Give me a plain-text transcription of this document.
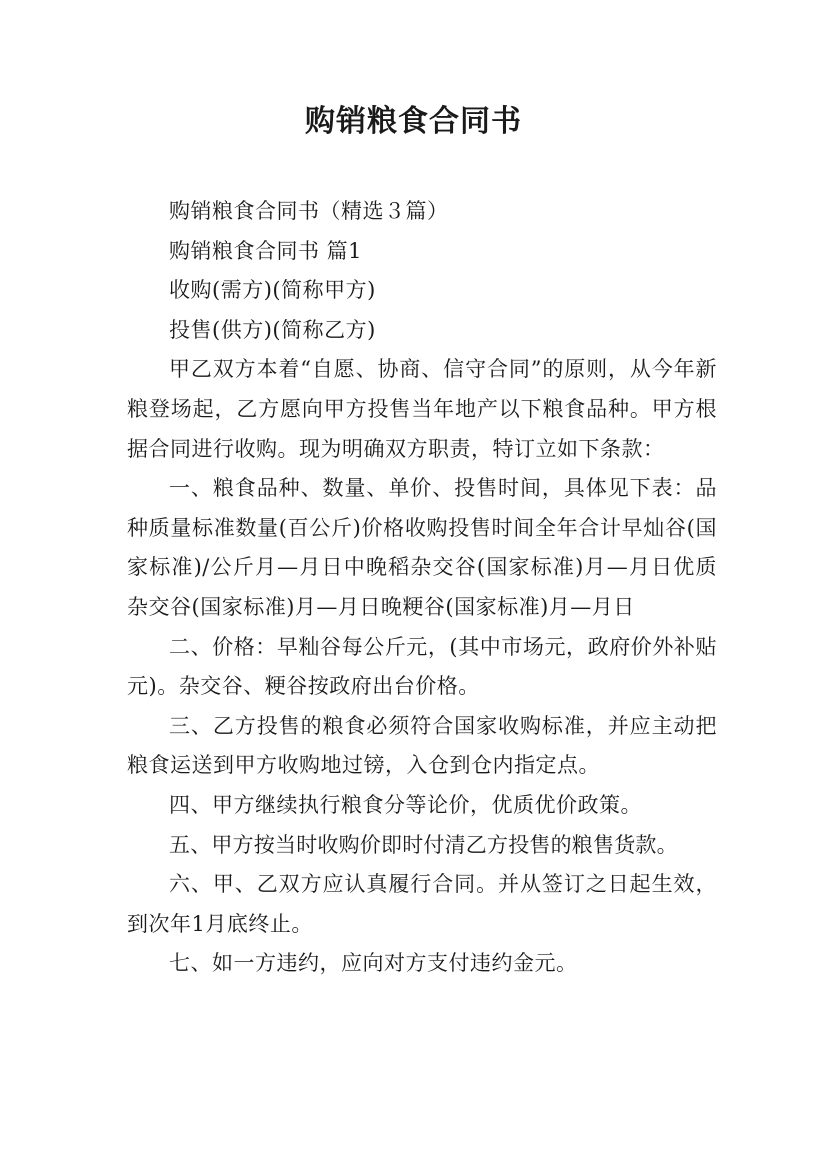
购销粮食合同书

购销粮食合同书（精选３篇）

购销粮食合同书 篇1

收购(需方)(简称甲方)

投售(供方)(简称乙方)

甲乙双方本着“自愿、协商、信守合同”的原则，从今年新粮登场起，乙方愿向甲方投售当年地产以下粮食品种。甲方根据合同进行收购。现为明确双方职责，特订立如下条款：

一、粮食品种、数量、单价、投售时间，具体见下表：品种质量标准数量(百公斤)价格收购投售时间全年合计早灿谷(国家标准)/公斤月—月日中晚稻杂交谷(国家标准)月—月日优质杂交谷(国家标准)月—月日晚粳谷(国家标准)月—月日

二、价格：早籼谷每公斤元，(其中市场元，政府价外补贴元)。杂交谷、粳谷按政府出台价格。

三、乙方投售的粮食必须符合国家收购标准，并应主动把粮食运送到甲方收购地过镑，入仓到仓内指定点。

四、甲方继续执行粮食分等论价，优质优价政策。

五、甲方按当时收购价即时付清乙方投售的粮售货款。

六、甲、乙双方应认真履行合同。并从签订之日起生效，到次年1月底终止。

七、如一方违约，应向对方支付违约金元。
